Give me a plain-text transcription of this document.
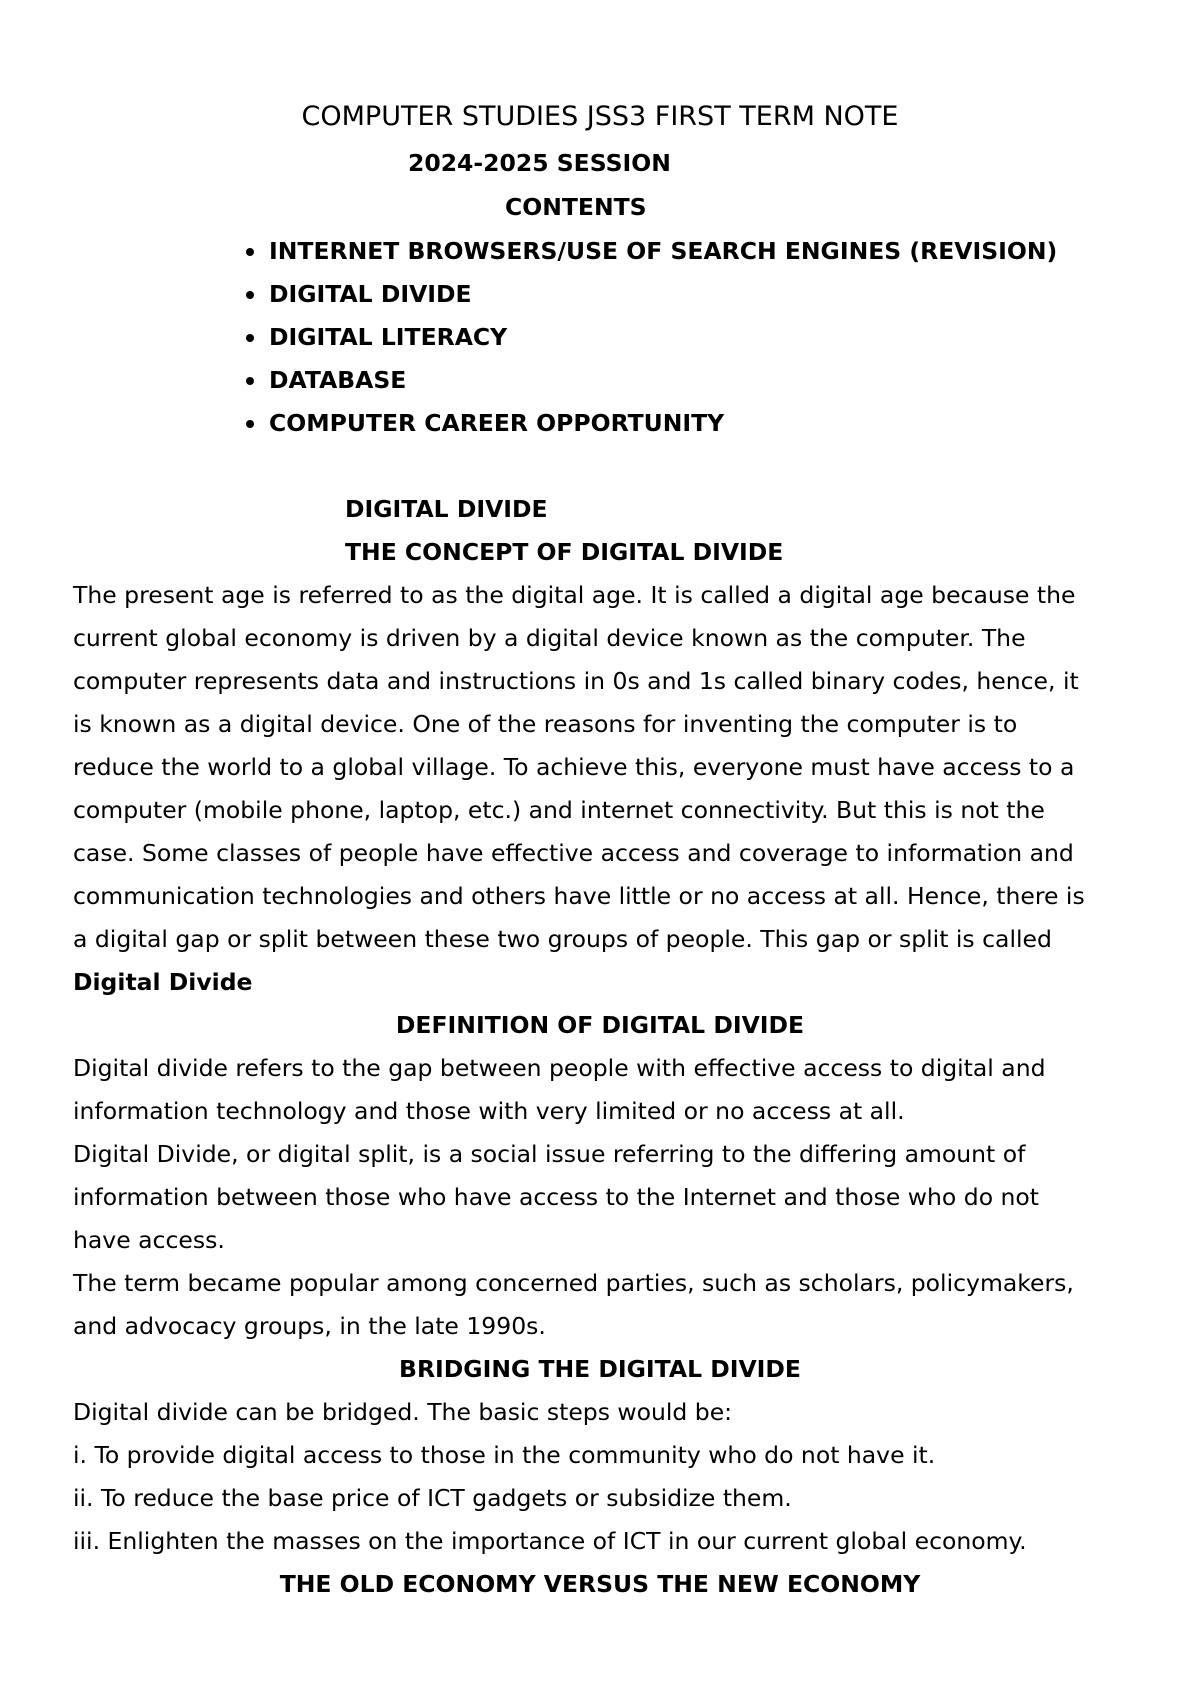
COMPUTER STUDIES JSS3 FIRST TERM NOTE
2024-2025 SESSION
CONTENTS
INTERNET BROWSERS/USE OF SEARCH ENGINES (REVISION)
DIGITAL DIVIDE
DIGITAL LITERACY
DATABASE
COMPUTER CAREER OPPORTUNITY
DIGITAL DIVIDE
THE CONCEPT OF DIGITAL DIVIDE
The present age is referred to as the digital age. It is called a digital age because the
current global economy is driven by a digital device known as the computer. The
computer represents data and instructions in 0s and 1s called binary codes, hence, it
is known as a digital device. One of the reasons for inventing the computer is to
reduce the world to a global village. To achieve this, everyone must have access to a
computer (mobile phone, laptop, etc.) and internet connectivity. But this is not the
case. Some classes of people have effective access and coverage to information and
communication technologies and others have little or no access at all. Hence, there is
a digital gap or split between these two groups of people. This gap or split is called
Digital Divide
DEFINITION OF DIGITAL DIVIDE
Digital divide refers to the gap between people with effective access to digital and
information technology and those with very limited or no access at all.
Digital Divide, or digital split, is a social issue referring to the differing amount of
information between those who have access to the Internet and those who do not
have access.
The term became popular among concerned parties, such as scholars, policymakers,
and advocacy groups, in the late 1990s.
BRIDGING THE DIGITAL DIVIDE
Digital divide can be bridged. The basic steps would be:
i. To provide digital access to those in the community who do not have it.
ii. To reduce the base price of ICT gadgets or subsidize them.
iii. Enlighten the masses on the importance of ICT in our current global economy.
THE OLD ECONOMY VERSUS THE NEW ECONOMY
